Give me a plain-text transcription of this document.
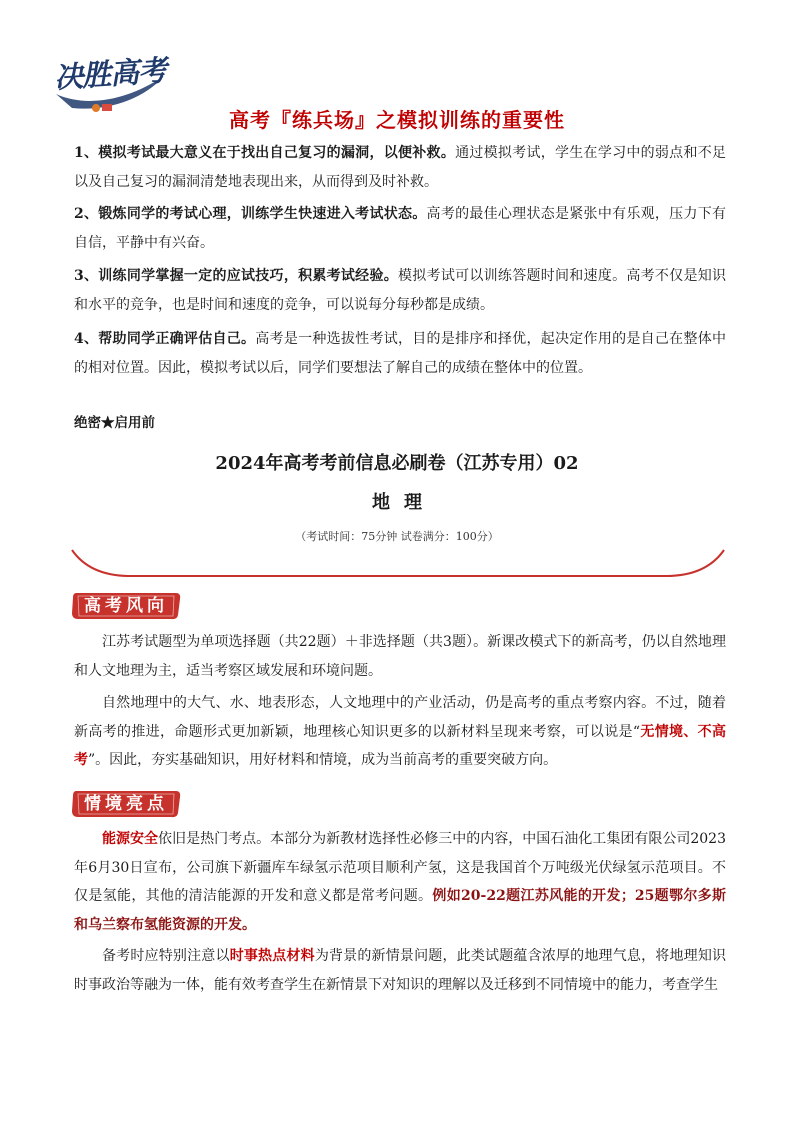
决胜高考
高考『练兵场』之模拟训练的重要性
1、模拟考试最大意义在于找出自己复习的漏洞，以便补救。通过模拟考试，学生在学习中的弱点和不足以及自己复习的漏洞清楚地表现出来，从而得到及时补救。
2、锻炼同学的考试心理，训练学生快速进入考试状态。高考的最佳心理状态是紧张中有乐观，压力下有自信，平静中有兴奋。
3、训练同学掌握一定的应试技巧，积累考试经验。模拟考试可以训练答题时间和速度。高考不仅是知识和水平的竞争，也是时间和速度的竞争，可以说每分每秒都是成绩。
4、帮助同学正确评估自己。高考是一种选拔性考试，目的是排序和择优，起决定作用的是自己在整体中的相对位置。因此，模拟考试以后，同学们要想法了解自己的成绩在整体中的位置。
绝密★启用前
2024年高考考前信息必刷卷（江苏专用）02
地理
（考试时间：75分钟 试卷满分：100分）
高考风向
江苏考试题型为单项选择题（共22题）＋非选择题（共3题）。新课改模式下的新高考，仍以自然地理和人文地理为主，适当考察区域发展和环境问题。
自然地理中的大气、水、地表形态，人文地理中的产业活动，仍是高考的重点考察内容。不过，随着新高考的推进，命题形式更加新颖，地理核心知识更多的以新材料呈现来考察，可以说是“无情境、不高考”。因此，夯实基础知识，用好材料和情境，成为当前高考的重要突破方向。
情境亮点
能源安全依旧是热门考点。本部分为新教材选择性必修三中的内容，中国石油化工集团有限公司2023年6月30日宣布，公司旗下新疆库车绿氢示范项目顺利产氢，这是我国首个万吨级光伏绿氢示范项目。不仅是氢能，其他的清洁能源的开发和意义都是常考问题。例如20-22题江苏风能的开发；25题鄂尔多斯和乌兰察布氢能资源的开发。
备考时应特别注意以时事热点材料为背景的新情景问题，此类试题蕴含浓厚的地理气息，将地理知识时事政治等融为一体，能有效考查学生在新情景下对知识的理解以及迁移到不同情境中的能力，考查学生
